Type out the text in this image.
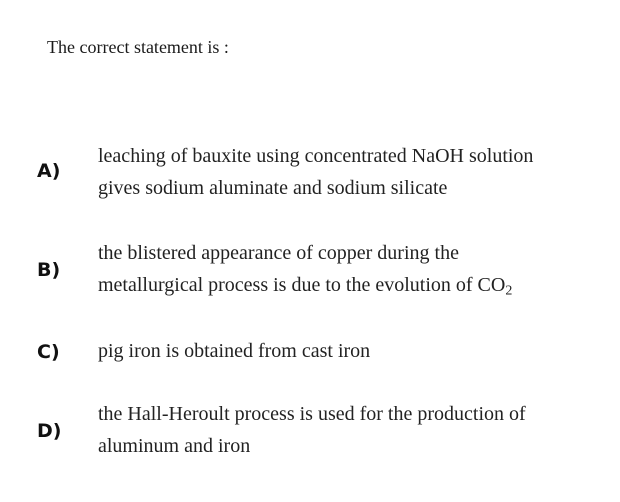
The correct statement is :
A)
leaching of bauxite using concentrated NaOH solution
gives sodium aluminate and sodium silicate
B)
the blistered appearance of copper during the
metallurgical process is due to the evolution of $CO_2$
C) pig iron is obtained from cast iron
D)
the Hall-Heroult process is used for the production of
aluminum and iron
